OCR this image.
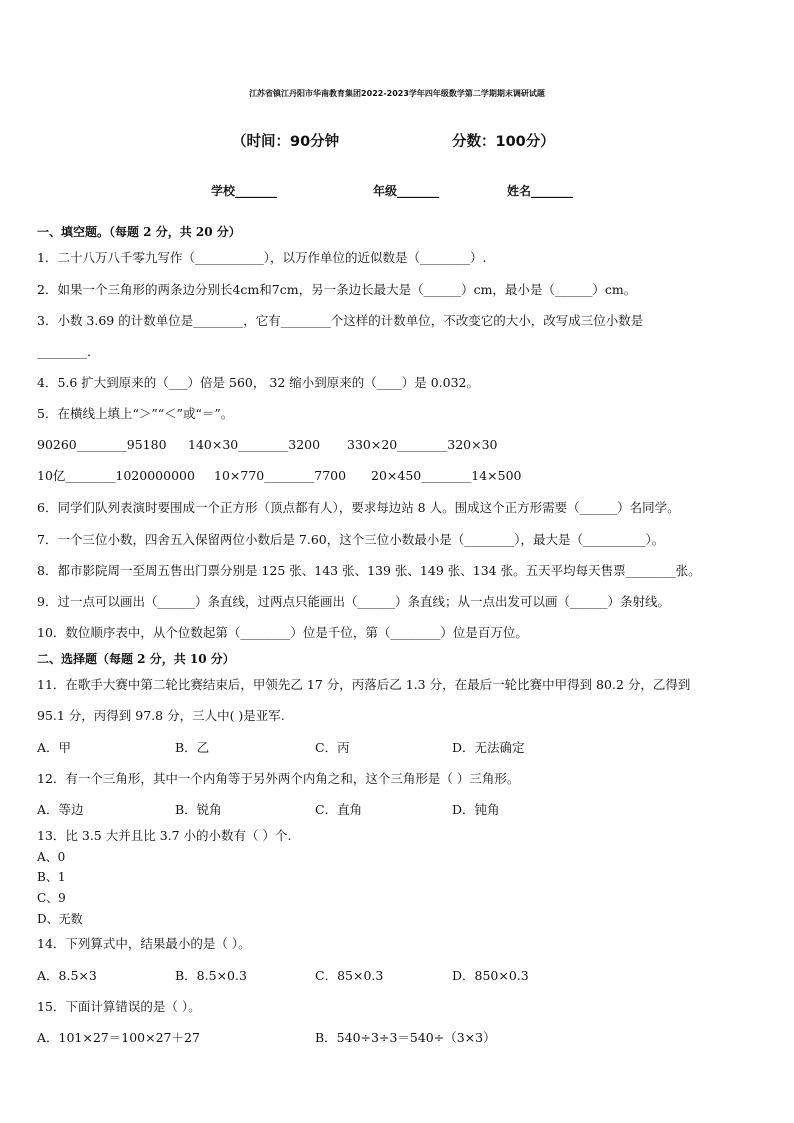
江苏省镇江丹阳市华南教育集团2022-2023学年四年级数学第二学期期末调研试题
（时间：90分钟	分数：100分）
学校_______	年级_______	姓名_______
一、填空题。（每题 2 分，共 20 分）
1．二十八万八千零九写作（___________），以万作单位的近似数是（________）.
2．如果一个三角形的两条边分别长4cm和7cm，另一条边长最大是（______）cm，最小是（______）cm。
3．小数 3.69 的计数单位是________，它有________个这样的计数单位，不改变它的大小，改写成三位小数是
________.
4．5.6 扩大到原来的（___）倍是 560， 32 缩小到原来的（____）是 0.032。
5．在横线上填上“＞”“＜”或“＝”。
90260________95180 140×30________3200 330×20________320×30
10亿________1020000000 10×770________7700 20×450________14×500
6．同学们队列表演时要围成一个正方形（顶点都有人），要求每边站 8 人。围成这个正方形需要（______）名同学。
7．一个三位小数，四舍五入保留两位小数后是 7.60，这个三位小数最小是（________），最大是（__________）。
8．都市影院周一至周五售出门票分别是 125 张、143 张、139 张、149 张、134 张。五天平均每天售票________张。
9．过一点可以画出（______）条直线，过两点只能画出（______）条直线；从一点出发可以画（______）条射线。
10．数位顺序表中，从个位数起第（________）位是千位，第（________）位是百万位。
二、选择题（每题 2 分，共 10 分）
11．在歌手大赛中第二轮比赛结束后，甲领先乙 17 分，丙落后乙 1.3 分，在最后一轮比赛中甲得到 80.2 分，乙得到
95.1 分，丙得到 97.8 分，三人中( )是亚军.
A．甲	B．乙	C．丙	D．无法确定
12．有一个三角形，其中一个内角等于另外两个内角之和，这个三角形是（ ）三角形。
A．等边	B．锐角	C．直角	D．钝角
13．比 3.5 大并且比 3.7 小的小数有（ ）个.
A、0
B、1
C、9
D、无数
14．下列算式中，结果最小的是（ ）。
A．8.5×3	B．8.5×0.3	C．85×0.3	D．850×0.3
15．下面计算错误的是（ ）。
A．101×27＝100×27＋27	B．540÷3÷3＝540÷（3×3）
